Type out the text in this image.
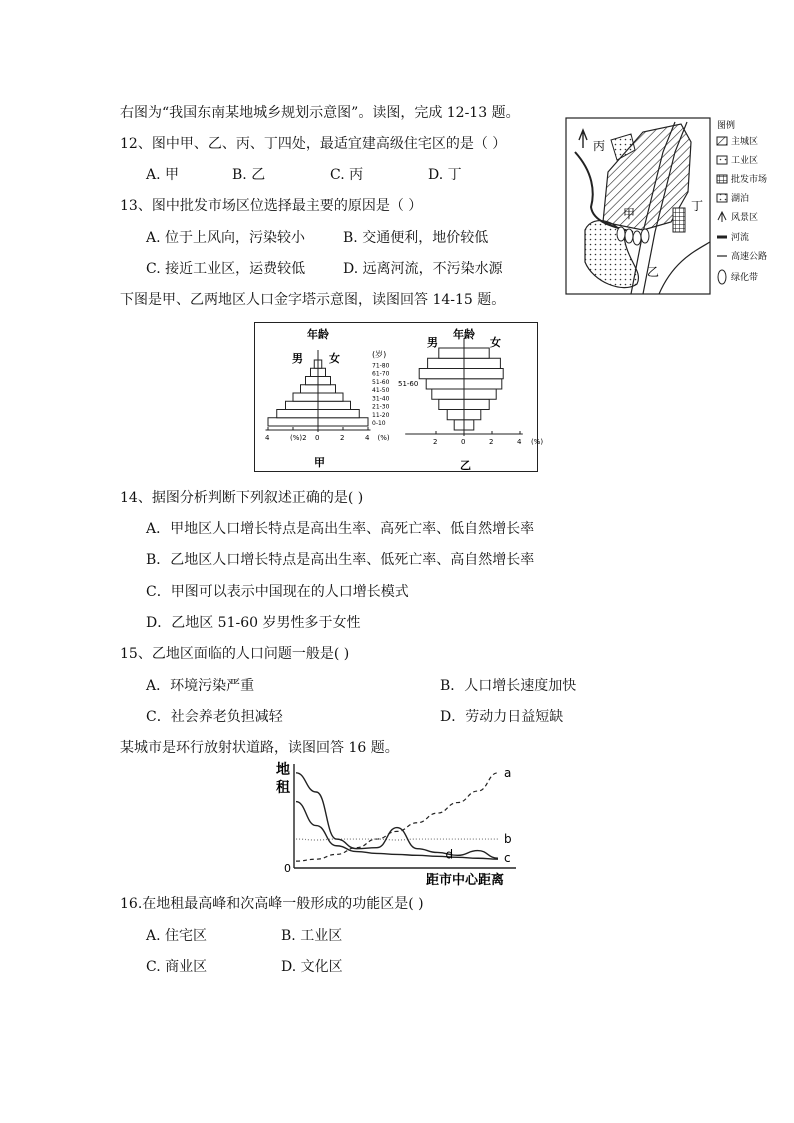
右图为“我国东南某地城乡规划示意图”。读图，完成 12-13 题。
12、图中甲、乙、丙、丁四处，最适宜建高级住宅区的是（ ）
A. 甲	B. 乙	C. 丙	D. 丁
13、图中批发市场区位选择最主要的原因是（ ）
A. 位于上风向，污染较小	B. 交通便利，地价较低
C. 接近工业区，运费较低	D. 远离河流，不污染水源
丙
甲
丁
乙
图例
主城区
工业区
批发市场
湖泊
风景区
河流
高速公路
绿化带
下图是甲、乙两地区人口金字塔示意图，读图回答 14-15 题。
0-10
11-20
21-30
31-40
41-50
51-60
61-70
71-80
4	(%)2 0	2	4 (%)	2	0	2	4 (%)
年龄
男 女	(岁)
年龄
男	女
51-60
甲	乙
14、据图分析判断下列叙述正确的是( )
A．甲地区人口增长特点是高出生率、高死亡率、低自然增长率
B．乙地区人口增长特点是高出生率、低死亡率、高自然增长率
C．甲图可以表示中国现在的人口增长模式
D．乙地区 51-60 岁男性多于女性
15、乙地区面临的人口问题一般是( )
A．环境污染严重	B．人口增长速度加快
C．社会养老负担减轻	D．劳动力日益短缺
某城市是环行放射状道路，读图回答 16 题。
地
租
0
距市中心距离
a
b
c
d
16.在地租最高峰和次高峰一般形成的功能区是( )
A. 住宅区	B. 工业区
C. 商业区	D. 文化区
